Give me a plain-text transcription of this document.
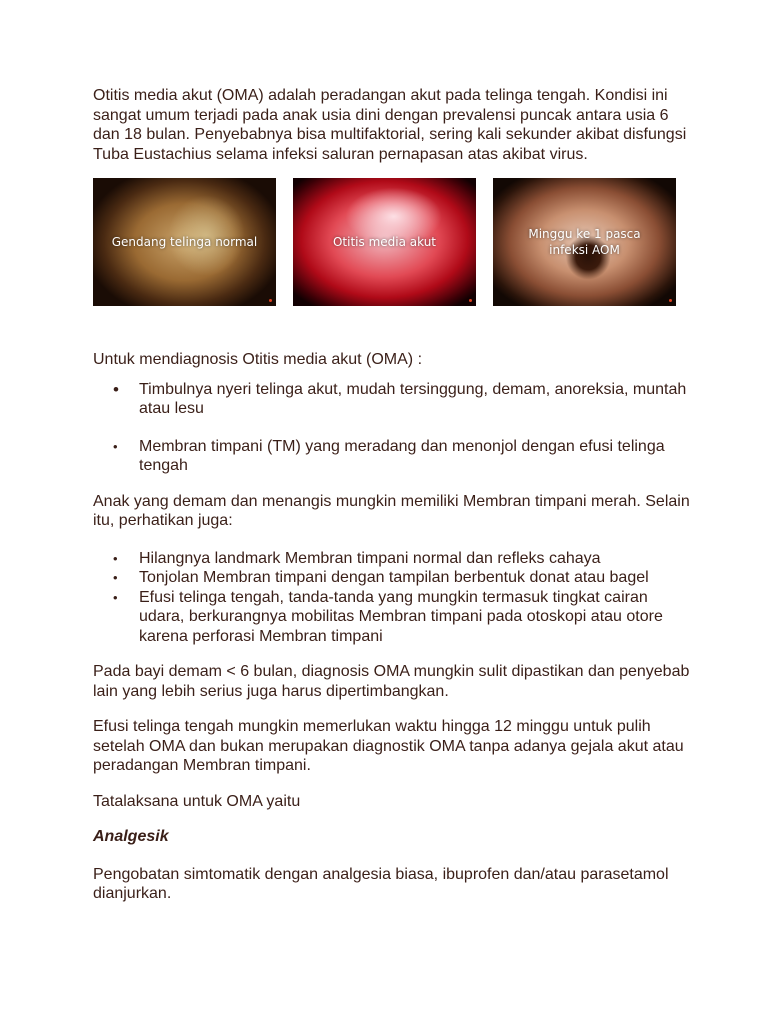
Otitis media akut (OMA) adalah peradangan akut pada telinga tengah. Kondisi ini sangat umum terjadi pada anak usia dini dengan prevalensi puncak antara usia 6 dan 18 bulan. Penyebabnya bisa multifaktorial, sering kali sekunder akibat disfungsi Tuba Eustachius selama infeksi saluran pernapasan atas akibat virus.

Gendang telinga normal	Otitis media akut
Minggu ke 1 pasca
infeksi AOM

Untuk mendiagnosis Otitis media akut (OMA) :

• Timbulnya nyeri telinga akut, mudah tersinggung, demam, anoreksia, muntah atau lesu
• Membran timpani (TM) yang meradang dan menonjol dengan efusi telinga tengah

Anak yang demam dan menangis mungkin memiliki Membran timpani merah. Selain itu, perhatikan juga:

• Hilangnya landmark Membran timpani normal dan refleks cahaya
• Tonjolan Membran timpani dengan tampilan berbentuk donat atau bagel
• Efusi telinga tengah, tanda-tanda yang mungkin termasuk tingkat cairan udara, berkurangnya mobilitas Membran timpani pada otoskopi atau otore karena perforasi Membran timpani

Pada bayi demam < 6 bulan, diagnosis OMA mungkin sulit dipastikan dan penyebab lain yang lebih serius juga harus dipertimbangkan.

Efusi telinga tengah mungkin memerlukan waktu hingga 12 minggu untuk pulih setelah OMA dan bukan merupakan diagnostik OMA tanpa adanya gejala akut atau peradangan Membran timpani.

Tatalaksana untuk OMA yaitu

Analgesik

Pengobatan simtomatik dengan analgesia biasa, ibuprofen dan/atau parasetamol dianjurkan.
